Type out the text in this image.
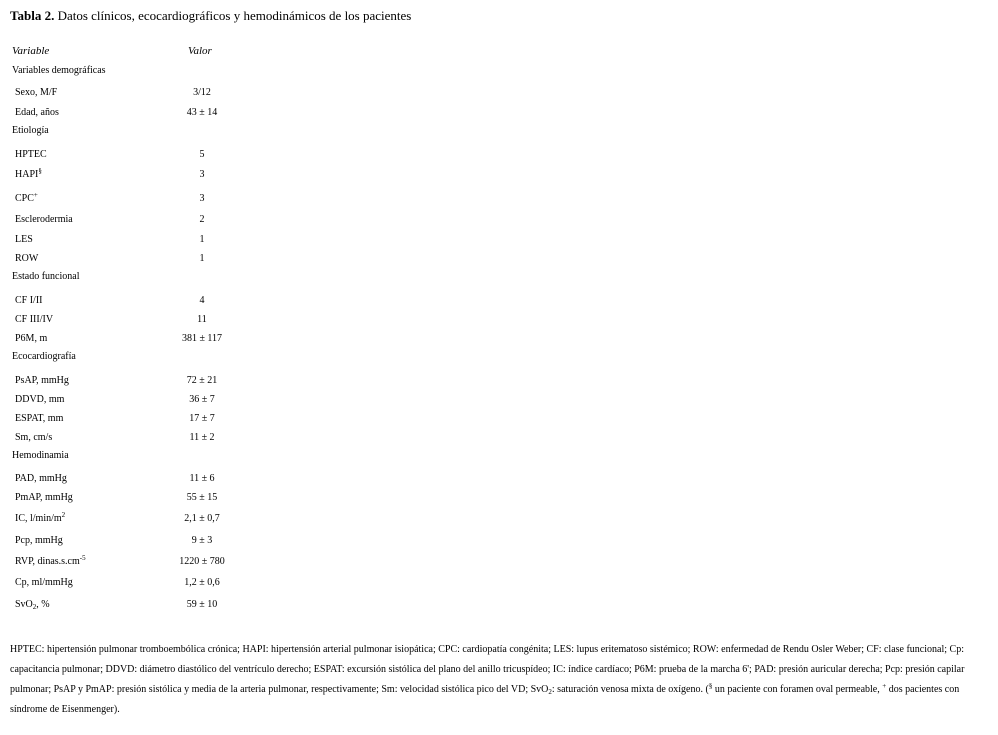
Tabla 2. Datos clínicos, ecocardiográficos y hemodinámicos de los pacientes
Variable	Valor
Variables demográficas
Sexo, M/F	3/12
Edad, años	43 ± 14
Etiología
HPTEC	5
HAPI§	3
CPC+	3
Esclerodermia	2
LES	1
ROW	1
Estado funcional
CF I/II	4
CF III/IV	11
P6M, m	381 ± 117
Ecocardiografía
PsAP, mmHg	72 ± 21
DDVD, mm	36 ± 7
ESPAT, mm	17 ± 7
Sm, cm/s	11 ± 2
Hemodinamia
PAD, mmHg	11 ± 6
PmAP, mmHg	55 ± 15
IC, $l/\min/m^2$	2,1 ± 0,7
Pcp, mmHg	9 ± 3
RVP, $dinas.s.cm^{-5}$	1220 ± 780
Cp, ml/mmHg	1,2 ± 0,6
SvO$_2$, %	59 ± 10
HPTEC: hipertensión pulmonar tromboembólica crónica; HAPI: hipertensión arterial pulmonar isiopática; CPC: cardiopatía congénita; LES: lupus eritematoso sistémico; ROW: enfermedad de Rendu Osler Weber; CF: clase funcional; Cp: capacitancia pulmonar; DDVD: diámetro diastólico del ventrículo derecho; ESPAT: excursión sistólica del plano del anillo tricuspídeo; IC: índice cardíaco; P6M: prueba de la marcha 6'; PAD: presión auricular derecha; Pcp: presión capilar pulmonar; PsAP y PmAP: presión sistólica y media de la arteria pulmonar, respectivamente; Sm: velocidad sistólica pico del VD; SvO$_2$: saturación venosa mixta de oxígeno. (§ un paciente con foramen oval permeable, + dos pacientes con síndrome de Eisenmenger).
